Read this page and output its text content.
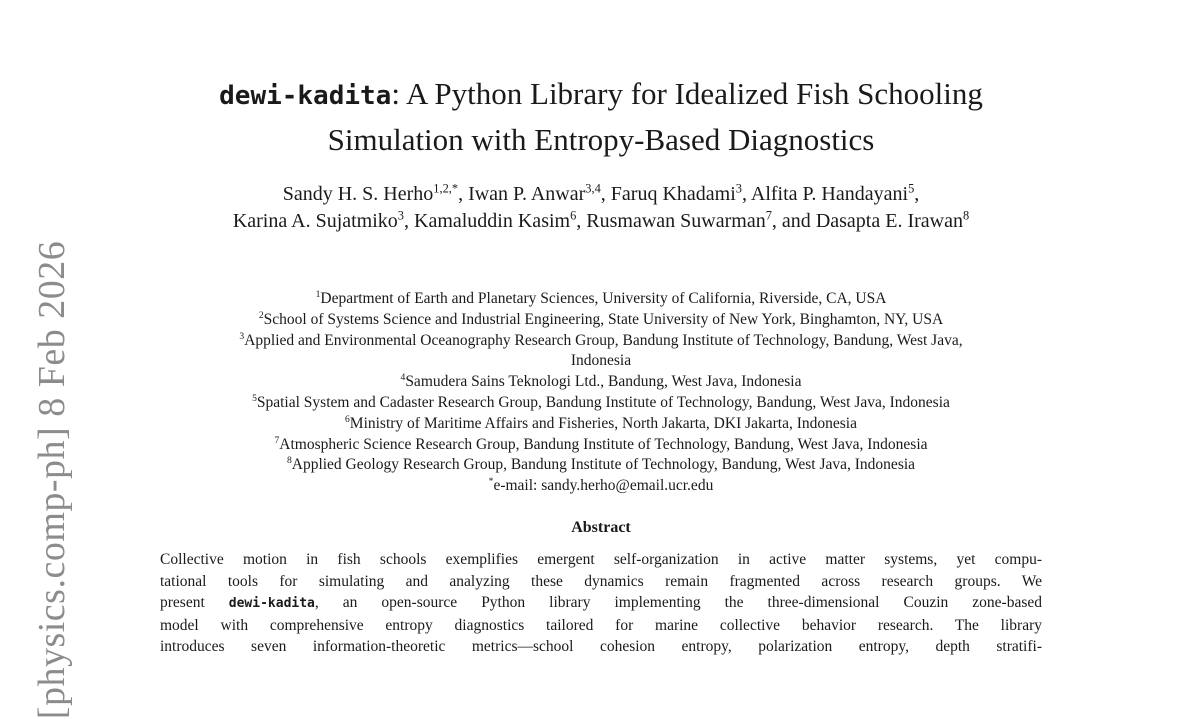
[physics.comp-ph] 8 Feb 2026
dewi-kadita: A Python Library for Idealized Fish Schooling
Simulation with Entropy-Based Diagnostics
Sandy H. S. Herho$^{1,2,*}$, Iwan P. Anwar$^{3,4}$, Faruq Khadami$^3$, Alfita P. Handayani$^5$,
Karina A. Sujatmiko$^3$, Kamaluddin Kasim$^6$, Rusmawan Suwarman$^7$, and Dasapta E. Irawan$^8$
$^1$Department of Earth and Planetary Sciences, University of California, Riverside, CA, USA
$^2$School of Systems Science and Industrial Engineering, State University of New York, Binghamton, NY, USA
$^3$Applied and Environmental Oceanography Research Group, Bandung Institute of Technology, Bandung, West Java,
Indonesia
$^4$Samudera Sains Teknologi Ltd., Bandung, West Java, Indonesia
$^5$Spatial System and Cadaster Research Group, Bandung Institute of Technology, Bandung, West Java, Indonesia
$^6$Ministry of Maritime Affairs and Fisheries, North Jakarta, DKI Jakarta, Indonesia
$^7$Atmospheric Science Research Group, Bandung Institute of Technology, Bandung, West Java, Indonesia
$^8$Applied Geology Research Group, Bandung Institute of Technology, Bandung, West Java, Indonesia
*e-mail: sandy.herho@email.ucr.edu
Abstract
Collective motion in fish schools exemplifies emergent self-organization in active matter systems, yet compu-
tational tools for simulating and analyzing these dynamics remain fragmented across research groups. We
present dewi-kadita, an open-source Python library implementing the three-dimensional Couzin zone-based
model with comprehensive entropy diagnostics tailored for marine collective behavior research. The library
introduces seven information-theoretic metrics—school cohesion entropy, polarization entropy, depth stratifi-
